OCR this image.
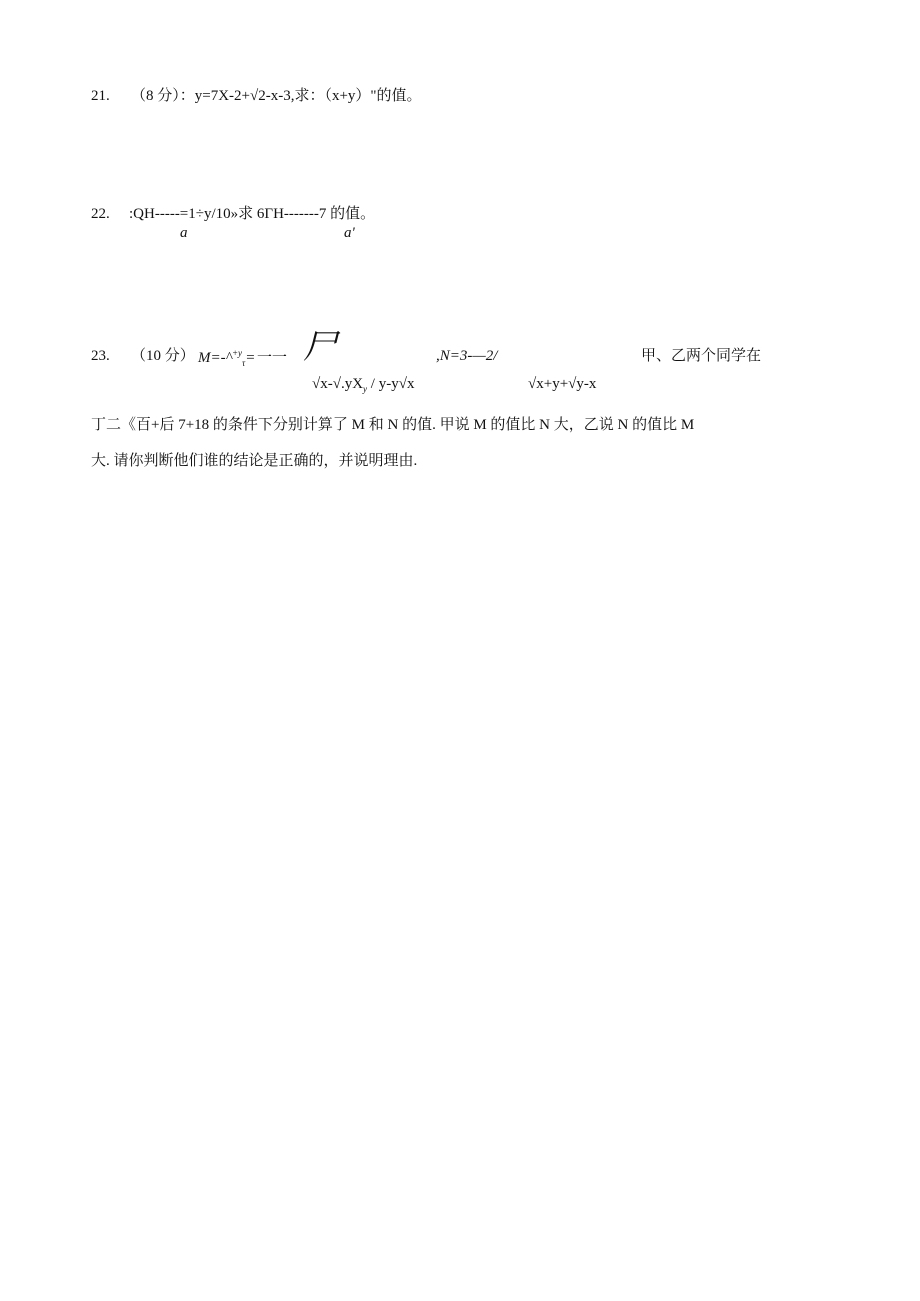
21. （8 分）：y=7X-2+√2-x-3,求：（x+y）"的值。
22. :QH-----=1÷y/10»求 6ΓH-------7 的值。
a	a'
23. （10 分） M=-^$^{+y}_\tau$=一一 尸	,N=3-—2/	甲、乙两个同学在
$√x-√.yX_y / y-y√x$	√x+y+√y-x
丁二《百+后 7+18 的条件下分别计算了 M 和 N 的值. 甲说 M 的值比 N 大，乙说 N 的值比 M
大. 请你判断他们谁的结论是正确的，并说明理由.
